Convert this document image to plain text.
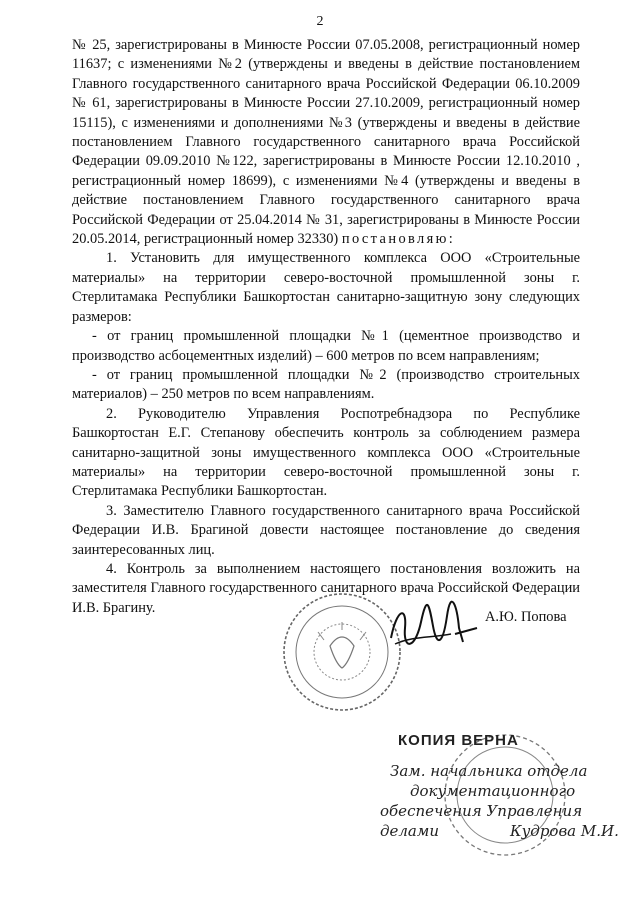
2

№ 25, зарегистрированы в Минюсте России 07.05.2008, регистрационный номер 11637; с изменениями №2 (утверждены и введены в действие постановлением Главного государственного санитарного врача Российской Федерации 06.10.2009 № 61, зарегистрированы в Минюсте России 27.10.2009, регистрационный номер 15115), с изменениями и дополнениями №3 (утверждены и введены в действие постановлением Главного государственного санитарного врача Российской Федерации 09.09.2010 №122, зарегистрированы в Минюсте России 12.10.2010 , регистрационный номер 18699), с изменениями №4 (утверждены и введены в действие постановлением Главного государственного санитарного врача Российской Федерации от 25.04.2014 № 31, зарегистрированы в Минюсте России 20.05.2014, регистрационный номер 32330) постановляю:

1. Установить для имущественного комплекса ООО «Строительные материалы» на территории северо-восточной промышленной зоны г. Стерлитамака Республики Башкортостан санитарно-защитную зону следующих размеров:

- от границ промышленной площадки №1 (цементное производство и производство асбоцементных изделий) – 600 метров по всем направлениям;

- от границ промышленной площадки №2 (производство строительных материалов) – 250 метров по всем направлениям.

2. Руководителю Управления Роспотребнадзора по Республике Башкортостан Е.Г. Степанову обеспечить контроль за соблюдением размера санитарно-защитной зоны имущественного комплекса ООО «Строительные материалы» на территории северо-восточной промышленной зоны г. Стерлитамака Республики Башкортостан.

3. Заместителю Главного государственного санитарного врача Российской Федерации И.В. Брагиной довести настоящее постановление до сведения заинтересованных лиц.

4. Контроль за выполнением настоящего постановления возложить на заместителя Главного государственного санитарного врача Российской Федерации И.В. Брагину.

А.Ю. Попова
КОПИЯ ВЕРНА
Зам. начальника отдела
документационного
обеспечения Управления
делами	Кудрова М.И.
